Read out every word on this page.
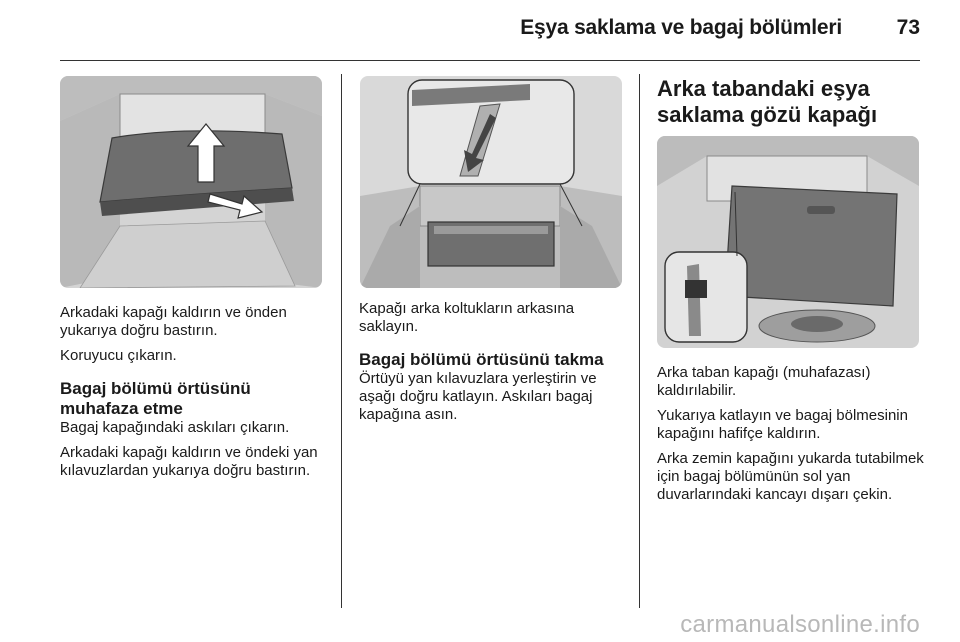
Eşya saklama ve bagaj bölümleri	73

Arkadaki kapağı kaldırın ve önden yukarıya doğru bastırın.

Koruyucu çıkarın.

Bagaj bölümü örtüsünü muhafaza etme

Bagaj kapağındaki askıları çıkarın.

Arkadaki kapağı kaldırın ve öndeki yan kılavuzlardan yukarıya doğru bastırın.

Kapağı arka koltukların arkasına saklayın.

Bagaj bölümü örtüsünü takma

Örtüyü yan kılavuzlara yerleştirin ve aşağı doğru katlayın. Askıları bagaj kapağına asın.

Arka tabandaki eşya saklama gözü kapağı

Arka taban kapağı (muhafazası) kaldırılabilir.

Yukarıya katlayın ve bagaj bölmesinin kapağını hafifçe kaldırın.

Arka zemin kapağını yukarda tutabilmek için bagaj bölümünün sol yan duvarlarındaki kancayı dışarı çekin.

carmanualsonline.info
